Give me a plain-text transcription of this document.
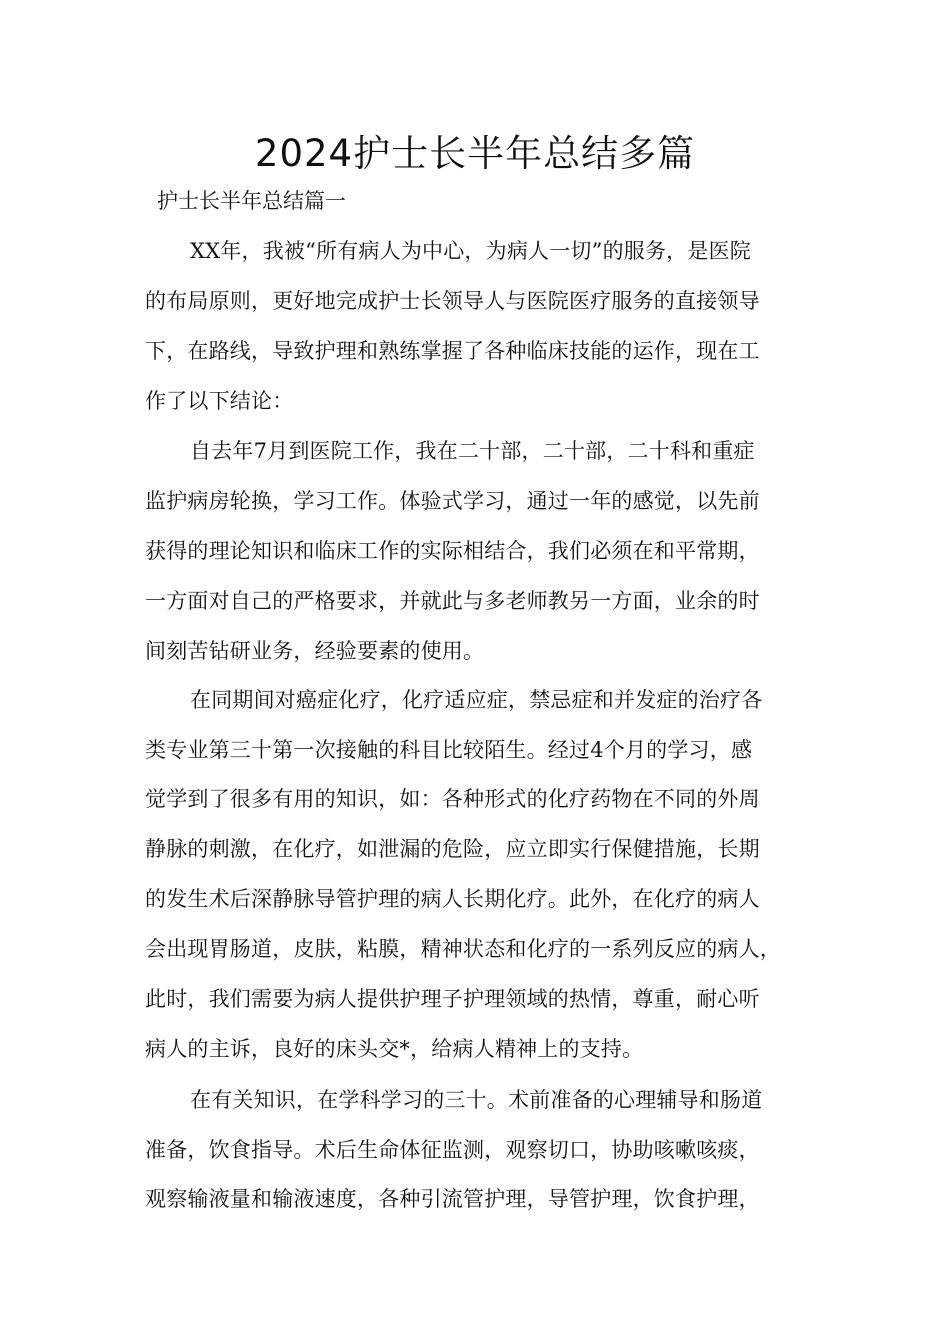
2024护士长半年总结多篇
护士长半年总结篇一
XX年，我被“所有病人为中心，为病人一切”的服务，是医院
的布局原则，更好地完成护士长领导人与医院医疗服务的直接领导
下，在路线，导致护理和熟练掌握了各种临床技能的运作，现在工
作了以下结论：
自去年7月到医院工作，我在二十部，二十部，二十科和重症
监护病房轮换，学习工作。体验式学习，通过一年的感觉，以先前
获得的理论知识和临床工作的实际相结合，我们必须在和平常期，
一方面对自己的严格要求，并就此与多老师教另一方面，业余的时
间刻苦钻研业务，经验要素的使用。
在同期间对癌症化疗，化疗适应症，禁忌症和并发症的治疗各
类专业第三十第一次接触的科目比较陌生。经过4个月的学习，感
觉学到了很多有用的知识，如：各种形式的化疗药物在不同的外周
静脉的刺激，在化疗，如泄漏的危险，应立即实行保健措施，长期
的发生术后深静脉导管护理的病人长期化疗。此外，在化疗的病人
会出现胃肠道，皮肤，粘膜，精神状态和化疗的一系列反应的病人，
此时，我们需要为病人提供护理子护理领域的热情，尊重，耐心听
病人的主诉，良好的床头交*，给病人精神上的支持。
在有关知识，在学科学习的三十。术前准备的心理辅导和肠道
准备，饮食指导。术后生命体征监测，观察切口，协助咳嗽咳痰，
观察输液量和输液速度，各种引流管护理，导管护理，饮食护理，
